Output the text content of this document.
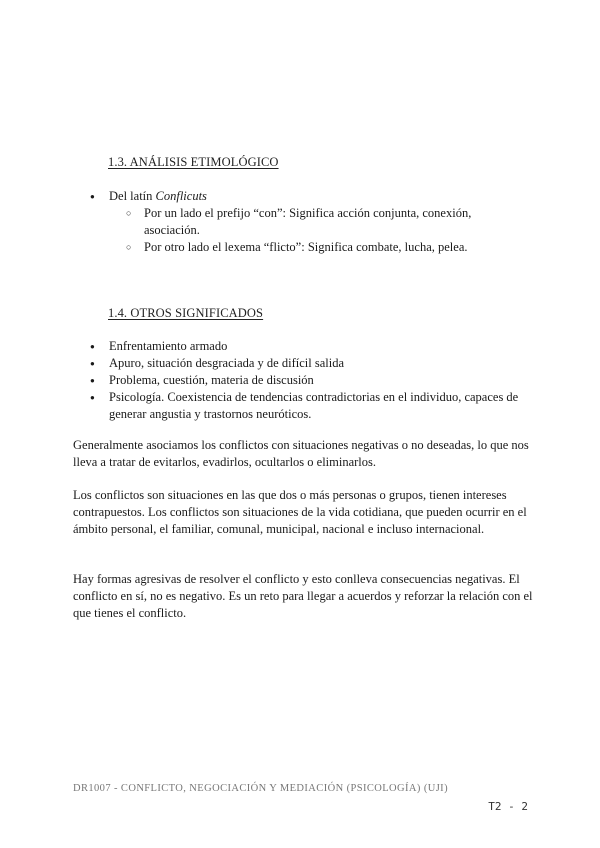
1.3. ANÁLISIS ETIMOLÓGICO
● Del latín Conflicuts
○ Por un lado el prefijo “con”: Significa acción conjunta, conexión, asociación.
○ Por otro lado el lexema “flicto”: Significa combate, lucha, pelea.
1.4. OTROS SIGNIFICADOS
● Enfrentamiento armado
● Apuro, situación desgraciada y de difícil salida
● Problema, cuestión, materia de discusión
● Psicología. Coexistencia de tendencias contradictorias en el individuo, capaces de generar angustia y trastornos neuróticos.

Generalmente asociamos los conflictos con situaciones negativas o no deseadas, lo que nos lleva a tratar de evitarlos, evadirlos, ocultarlos o eliminarlos.

Los conflictos son situaciones en las que dos o más personas o grupos, tienen intereses contrapuestos. Los conflictos son situaciones de la vida cotidiana, que pueden ocurrir en el ámbito personal, el familiar, comunal, municipal, nacional e incluso internacional.

Hay formas agresivas de resolver el conflicto y esto conlleva consecuencias negativas. El conflicto en sí, no es negativo. Es un reto para llegar a acuerdos y reforzar la relación con el que tienes el conflicto.

DR1007 - CONFLICTO, NEGOCIACIÓN Y MEDIACIÓN (PSICOLOGÍA) (UJI)
T2 - 2
